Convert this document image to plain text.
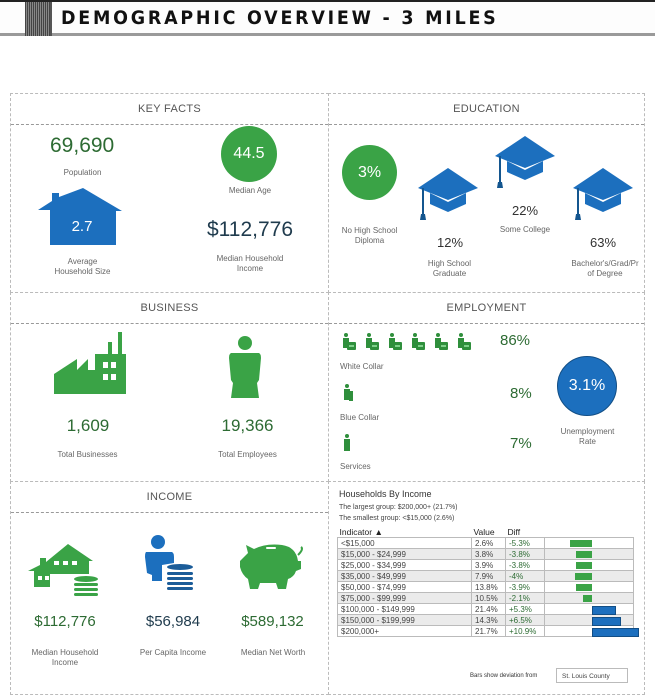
DEMOGRAPHIC OVERVIEW - 3 MILES
KEY FACTS
69,690
Population
44.5
Median Age
2.7
Average
Household Size
$112,776
Median Household
Income
EDUCATION
3%
No High School
Diploma	12%
High School
Graduate
22%
Some College
63%
Bachelor's/Grad/Pr
of Degree
BUSINESS
1,609
Total Businesses
19,366
Total Employees
EMPLOYMENT
86%
White Collar
8%
Blue Collar
7%
Services
3.1%
Unemployment
Rate
INCOME
$112,776
Median Household
Income
$56,984
Per Capita Income
$589,132
Median Net Worth
Households By Income
The largest group: $200,000+ (21.7%)
The smallest group: <$15,000 (2.6%)
Indicator ▲	Value	Diff	
<$15,000	2.6%	-5.3%	

$15,000 - $24,999	3.8%	-3.8%	

$25,000 - $34,999	3.9%	-3.8%	

$35,000 - $49,999	7.9%	-4%	

$50,000 - $74,999	13.8%	-3.9%	

$75,000 - $99,999	10.5%	-2.1%	

$100,000 - $149,999	21.4%	+5.3%	

$150,000 - $199,999	14.3%	+6.5%	

$200,000+	21.7%	+10.9%	
Bars show deviation from	St. Louis County
